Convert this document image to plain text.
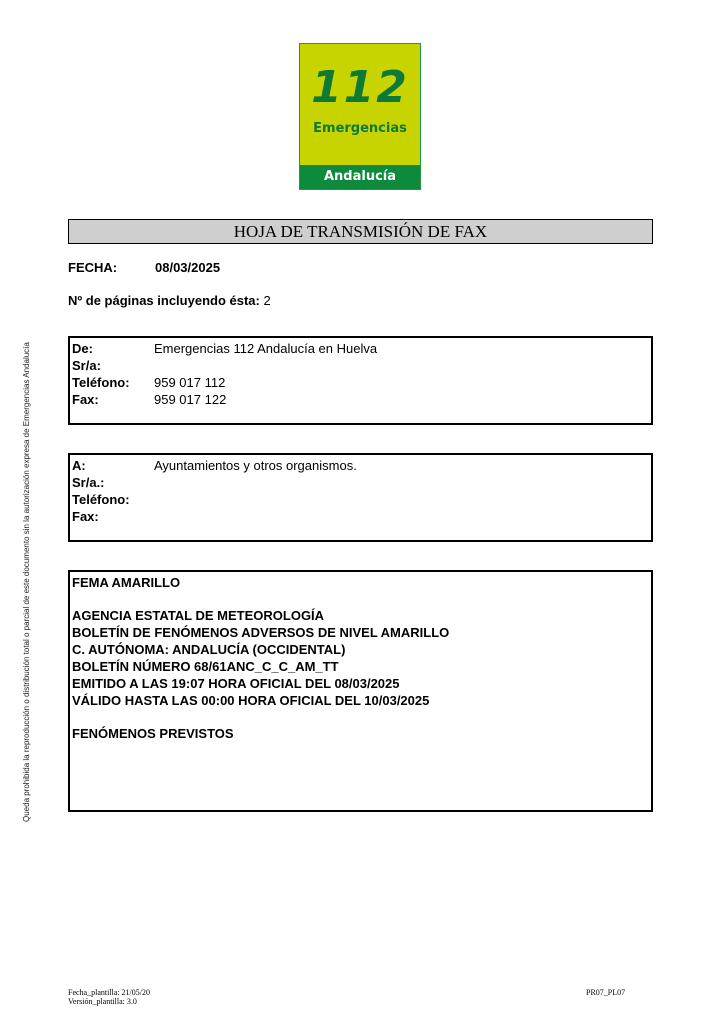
112
Emergencias
Andalucía
HOJA DE TRANSMISIÓN DE FAX
FECHA:	08/03/2025
Nº de páginas incluyendo ésta: 2
De:	Emergencias 112 Andalucía en Huelva
Sr/a:
Teléfono: 959 017 112
Fax:	959 017 122
A:	Ayuntamientos y otros organismos.
Sr/a.:
Teléfono:
Fax:
FEMA AMARILLO
AGENCIA ESTATAL DE METEOROLOGÍA
BOLETÍN DE FENÓMENOS ADVERSOS DE NIVEL AMARILLO
C. AUTÓNOMA: ANDALUCÍA (OCCIDENTAL)
BOLETÍN NÚMERO 68/61ANC_C_C_AM_TT
EMITIDO A LAS 19:07 HORA OFICIAL DEL 08/03/2025
VÁLIDO HASTA LAS 00:00 HORA OFICIAL DEL 10/03/2025
FENÓMENOS PREVISTOS
Queda prohibida la reproducción o distribución total o parcial de este documento sin la autorización expresa de Emergencias Andalucía
Fecha_plantilla: 21/05/20
Versión_plantilla: 3.0
PR07_PL07
